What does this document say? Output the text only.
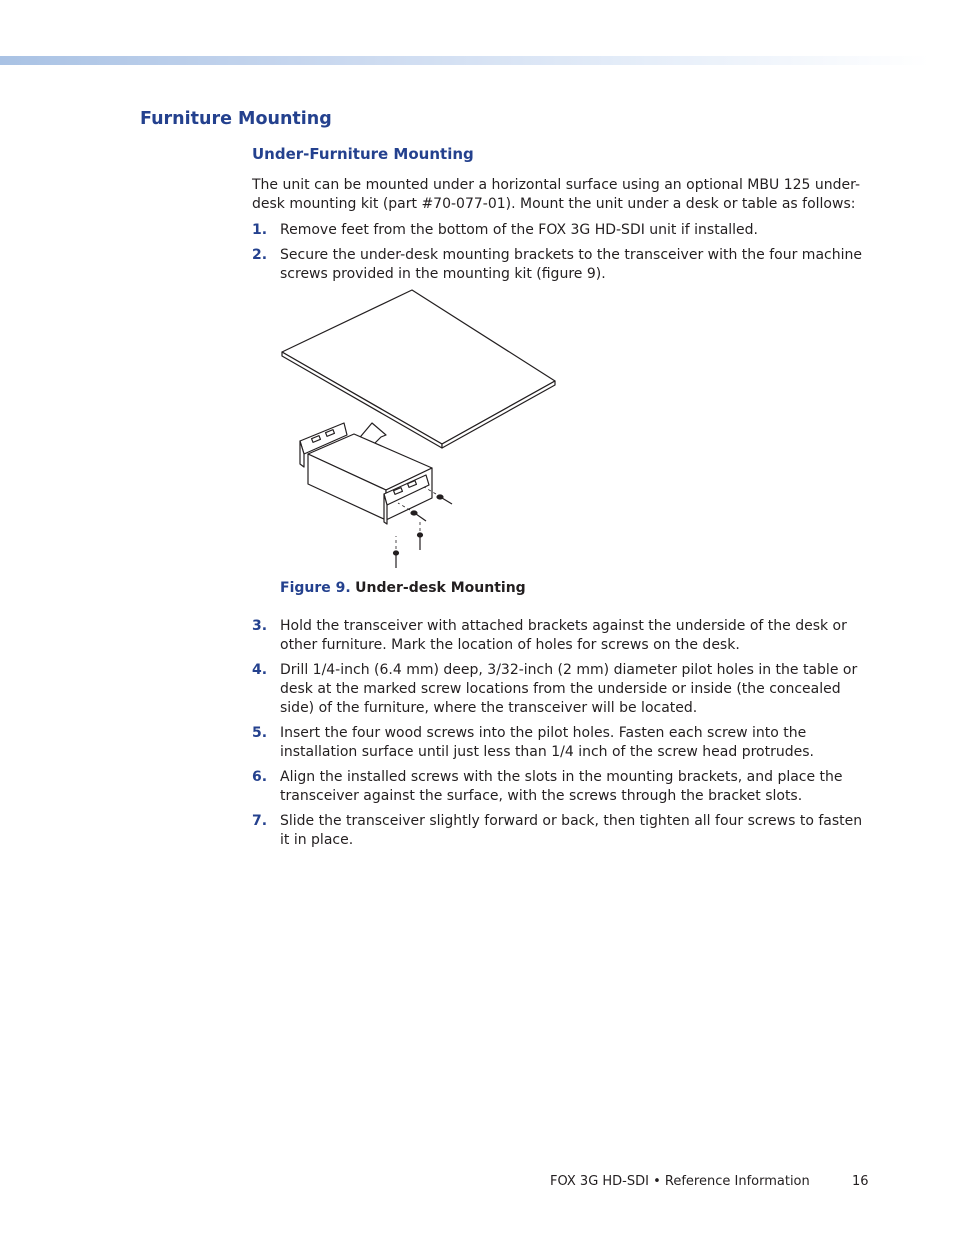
Furniture Mounting
Under-Furniture Mounting

The unit can be mounted under a horizontal surface using an optional MBU 125 under-desk mounting kit (part #70-077-01). Mount the unit under a desk or table as follows:

1. Remove feet from the bottom of the FOX 3G HD-SDI unit if installed.
2. Secure the under-desk mounting brackets to the transceiver with the four machine screws provided in the mounting kit (figure 9).
Figure 9. Under-desk Mounting
3. Hold the transceiver with attached brackets against the underside of the desk or other furniture. Mark the location of holes for screws on the desk.
4. Drill 1/4-inch (6.4 mm) deep, 3/32-inch (2 mm) diameter pilot holes in the table or desk at the marked screw locations from the underside or inside (the concealed side) of the furniture, where the transceiver will be located.
5. Insert the four wood screws into the pilot holes. Fasten each screw into the installation surface until just less than 1/4 inch of the screw head protrudes.
6. Align the installed screws with the slots in the mounting brackets, and place the transceiver against the surface, with the screws through the bracket slots.
7. Slide the transceiver slightly forward or back, then tighten all four screws to fasten it in place.
FOX 3G HD-SDI • Reference Information	16
